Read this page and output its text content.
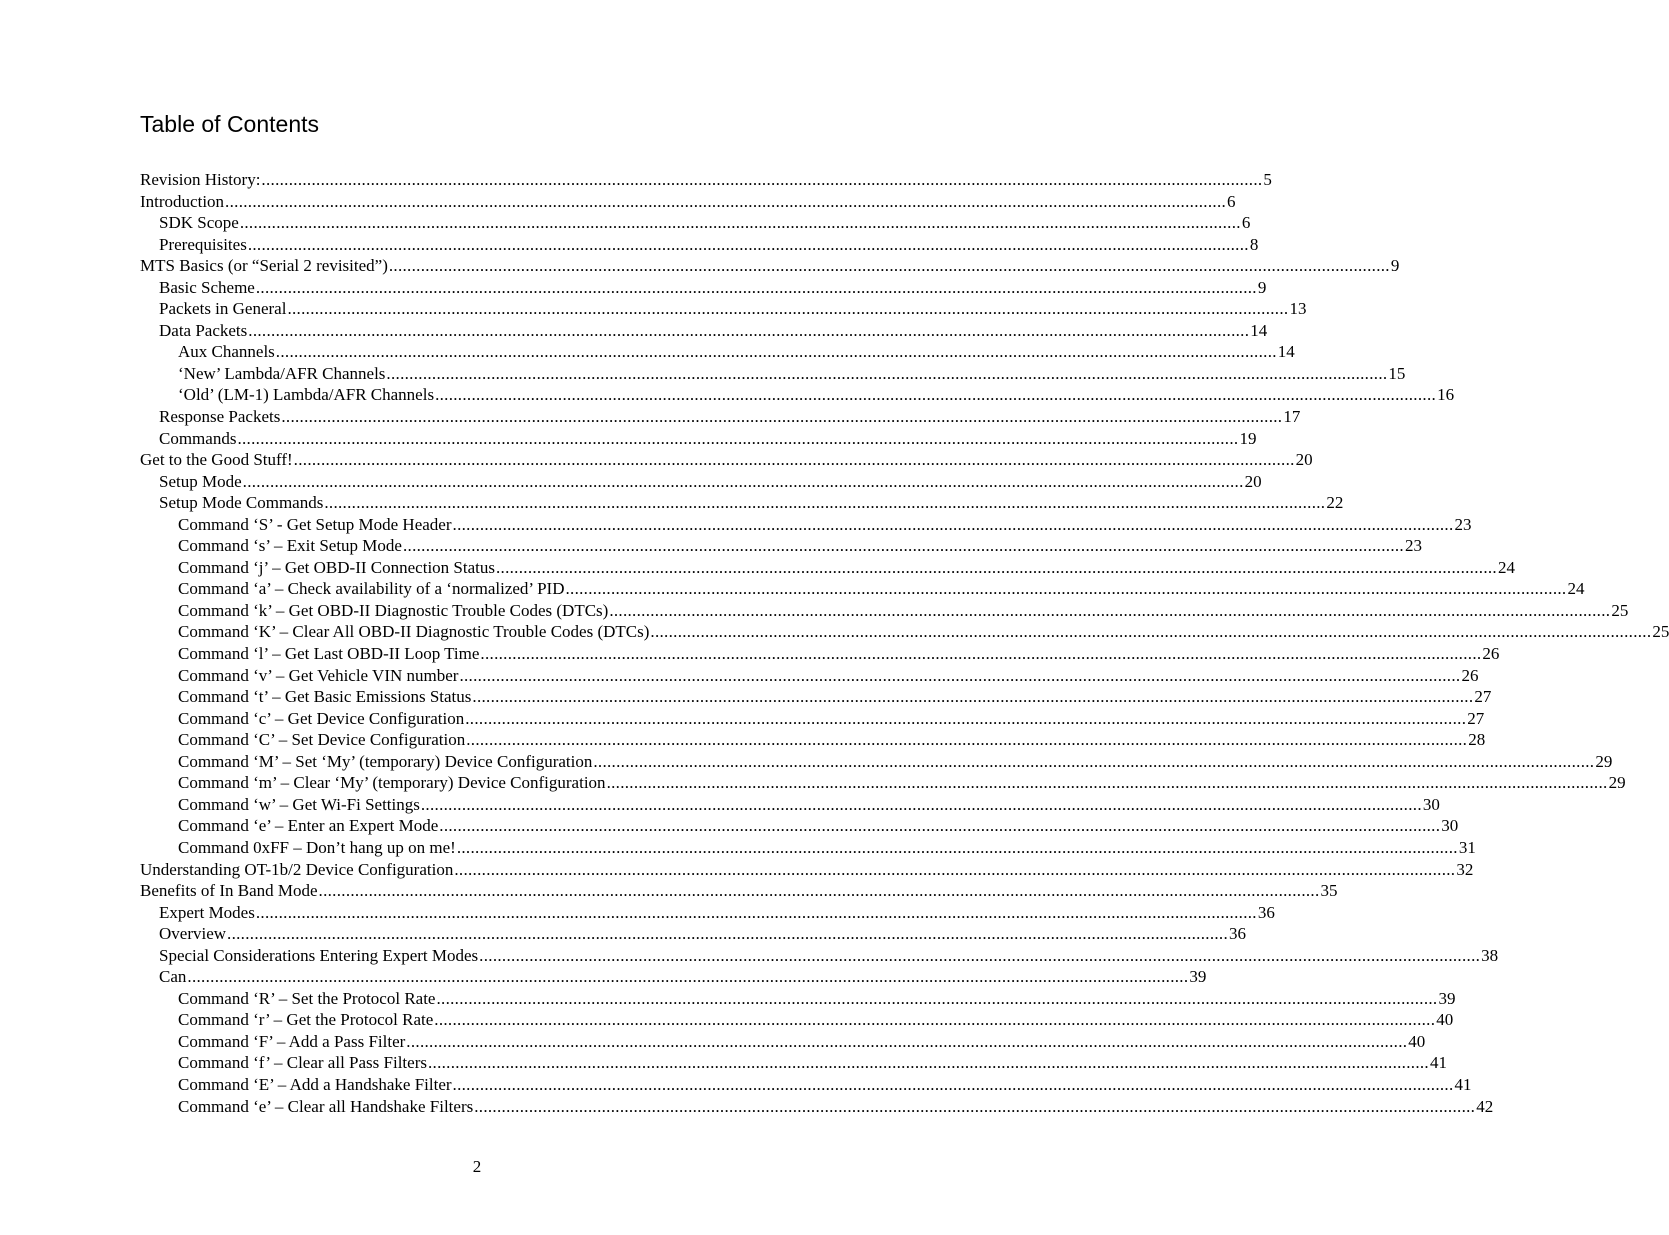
Table of Contents
Revision History: ............................................................................................................................................................................................................................ 5
Introduction ............................................................................................................................................................................................................................ 6
SDK Scope ............................................................................................................................................................................................................................ 6
Prerequisites ............................................................................................................................................................................................................................ 8
MTS Basics (or “Serial 2 revisited”) ............................................................................................................................................................................................................................ 9
Basic Scheme ............................................................................................................................................................................................................................ 9
Packets in General ............................................................................................................................................................................................................................ 13
Data Packets ............................................................................................................................................................................................................................ 14
Aux Channels ............................................................................................................................................................................................................................ 14
‘New’ Lambda/AFR Channels ............................................................................................................................................................................................................................ 15
‘Old’ (LM-1) Lambda/AFR Channels ............................................................................................................................................................................................................................ 16
Response Packets ............................................................................................................................................................................................................................ 17
Commands ............................................................................................................................................................................................................................ 19
Get to the Good Stuff! ............................................................................................................................................................................................................................ 20
Setup Mode ............................................................................................................................................................................................................................ 20
Setup Mode Commands ............................................................................................................................................................................................................................ 22
Command ‘S’ - Get Setup Mode Header ............................................................................................................................................................................................................................ 23
Command ‘s’ – Exit Setup Mode ............................................................................................................................................................................................................................ 23
Command ‘j’ – Get OBD-II Connection Status ............................................................................................................................................................................................................................ 24
Command ‘a’ – Check availability of a ‘normalized’ PID ............................................................................................................................................................................................................................ 24
Command ‘k’ – Get OBD-II Diagnostic Trouble Codes (DTCs) ............................................................................................................................................................................................................................ 25
Command ‘K’ – Clear All OBD-II Diagnostic Trouble Codes (DTCs) ............................................................................................................................................................................................................................ 25
Command ‘l’ – Get Last OBD-II Loop Time ............................................................................................................................................................................................................................ 26
Command ‘v’ – Get Vehicle VIN number ............................................................................................................................................................................................................................ 26
Command ‘t’ – Get Basic Emissions Status ............................................................................................................................................................................................................................ 27
Command ‘c’ – Get Device Configuration ............................................................................................................................................................................................................................ 27
Command ‘C’ – Set Device Configuration ............................................................................................................................................................................................................................ 28
Command ‘M’ – Set ‘My’ (temporary) Device Configuration ............................................................................................................................................................................................................................ 29
Command ‘m’ – Clear ‘My’ (temporary) Device Configuration ............................................................................................................................................................................................................................ 29
Command ‘w’ – Get Wi-Fi Settings ............................................................................................................................................................................................................................ 30
Command ‘e’ – Enter an Expert Mode ............................................................................................................................................................................................................................ 30
Command 0xFF – Don’t hang up on me! ............................................................................................................................................................................................................................ 31
Understanding OT-1b/2 Device Configuration ............................................................................................................................................................................................................................ 32
Benefits of In Band Mode ............................................................................................................................................................................................................................ 35
Expert Modes ............................................................................................................................................................................................................................ 36
Overview ............................................................................................................................................................................................................................ 36
Special Considerations Entering Expert Modes ............................................................................................................................................................................................................................ 38
Can ............................................................................................................................................................................................................................ 39
Command ‘R’ – Set the Protocol Rate ............................................................................................................................................................................................................................ 39
Command ‘r’ – Get the Protocol Rate ............................................................................................................................................................................................................................ 40
Command ‘F’ – Add a Pass Filter ............................................................................................................................................................................................................................ 40
Command ‘f’ – Clear all Pass Filters ............................................................................................................................................................................................................................ 41
Command ‘E’ – Add a Handshake Filter ............................................................................................................................................................................................................................ 41
Command ‘e’ – Clear all Handshake Filters ............................................................................................................................................................................................................................ 42
2
